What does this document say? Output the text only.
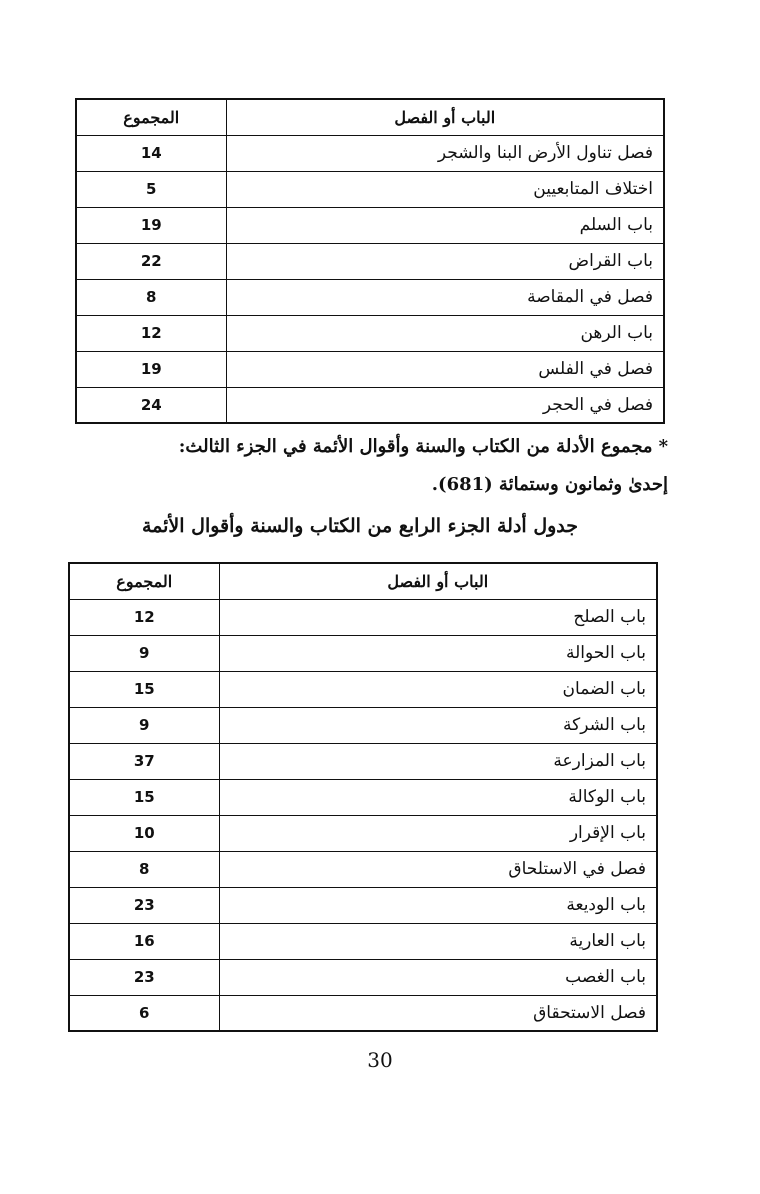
الباب أو الفصل	المجموع
فصل تناول الأرض البنا والشجر	14
اختلاف المتابعيين	5
باب السلم	19
باب القراض	22
فصل في المقاصة	8
باب الرهن	12
فصل في الفلس	19
فصل في الحجر	24
*مجموع الأدلة من الكتاب والسنة وأقوال الأئمة في الجزء الثالث:
إحدىٰ وثمانون وستمائة (681).
جدول أدلة الجزء الرابع من الكتاب والسنة وأقوال الأئمة
الباب أو الفصل	المجموع
باب الصلح	12
باب الحوالة	9
باب الضمان	15
باب الشركة	9
باب المزارعة	37
باب الوكالة	15
باب الإقرار	10
فصل في الاستلحاق	8
باب الوديعة	23
باب العارية	16
باب الغصب	23
فصل الاستحقاق	6
30
